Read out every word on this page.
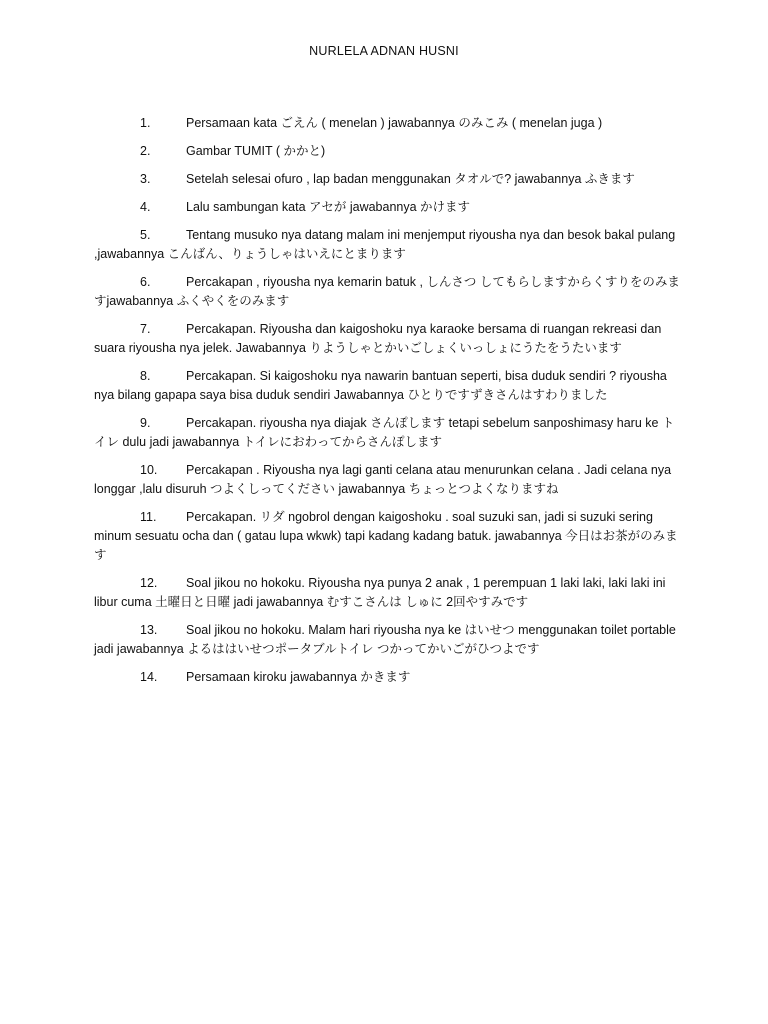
NURLELA ADNAN HUSNI
1.	Persamaan kata ごえん ( menelan ) jawabannya のみこみ ( menelan juga )
2.	Gambar TUMIT ( かかと)
3.	Setelah selesai ofuro , lap badan menggunakan タオルで? jawabannya ふきます
4.	Lalu sambungan kata アセが jawabannya かけます
5.	Tentang musuko nya datang malam ini menjemput riyousha nya dan besok bakal pulang ,jawabannya こんばん、りょうしゃはいえにとまります
6.	Percakapan , riyousha nya kemarin batuk , しんさつ してもらしますからくすりをのみますjawabannya ふくやくをのみます
7.	Percakapan. Riyousha dan kaigoshoku nya karaoke bersama di ruangan rekreasi dan suara riyousha nya jelek. Jawabannya りようしゃとかいごしょくいっしょにうたをうたいます
8.	Percakapan. Si kaigoshoku nya nawarin bantuan seperti, bisa duduk sendiri ? riyousha nya bilang gapapa saya bisa duduk sendiri Jawabannya ひとりですずきさんはすわりました
9.	Percakapan. riyousha nya diajak さんぽします tetapi sebelum sanposhimasy haru ke トイレ dulu jadi jawabannya トイレにおわってからさんぽします
10. Percakapan . Riyousha nya lagi ganti celana atau menurunkan celana . Jadi celana nya longgar ,lalu disuruh つよくしってください jawabannya ちょっとつよくなりますね
11. Percakapan. リダ ngobrol dengan kaigoshoku . soal suzuki san, jadi si suzuki sering minum sesuatu ocha dan ( gatau lupa wkwk) tapi kadang kadang batuk. jawabannya 今日はお茶がのみます
12. Soal jikou no hokoku. Riyousha nya punya 2 anak , 1 perempuan 1 laki laki, laki laki ini libur cuma 土曜日と日曜 jadi jawabannya むすこさんは しゅに 2回やすみです
13. Soal jikou no hokoku. Malam hari riyousha nya ke はいせつ menggunakan toilet portable jadi jawabannya よるははいせつポータブルトイレ つかってかいごがひつよです
14. Persamaan kiroku jawabannya かきます
